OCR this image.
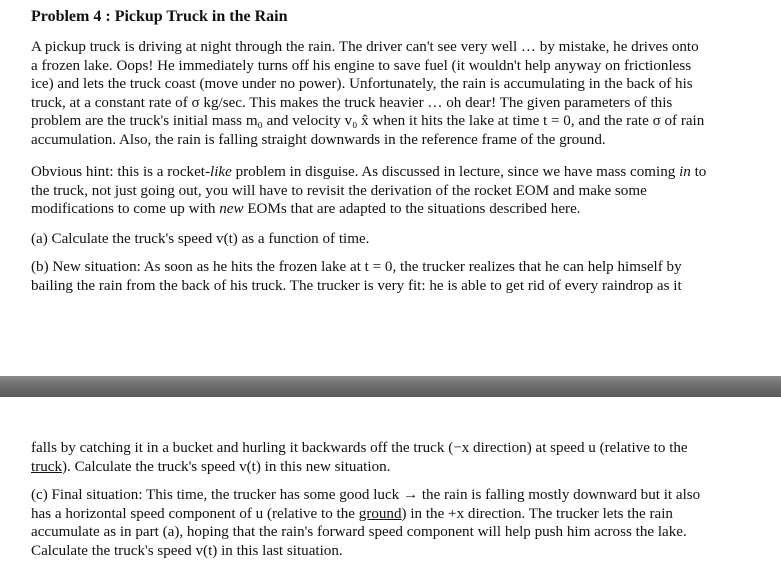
Problem 4 : Pickup Truck in the Rain
A pickup truck is driving at night through the rain. The driver can't see very well … by mistake, he drives onto
a frozen lake. Oops! He immediately turns off his engine to save fuel (it wouldn't help anyway on frictionless
ice) and lets the truck coast (move under no power). Unfortunately, the rain is accumulating in the back of his
truck, at a constant rate of σ kg/sec. This makes the truck heavier … oh dear! The given parameters of this
problem are the truck's initial mass m₀ and velocity v₀ x̂ when it hits the lake at time t = 0, and the rate σ of rain
accumulation. Also, the rain is falling straight downwards in the reference frame of the ground.
Obvious hint: this is a rocket-like problem in disguise. As discussed in lecture, since we have mass coming in to
the truck, not just going out, you will have to revisit the derivation of the rocket EOM and make some
modifications to come up with new EOMs that are adapted to the situations described here.
(a) Calculate the truck's speed v(t) as a function of time.
(b) New situation: As soon as he hits the frozen lake at t = 0, the trucker realizes that he can help himself by
bailing the rain from the back of his truck. The trucker is very fit: he is able to get rid of every raindrop as it
falls by catching it in a bucket and hurling it backwards off the truck (−x direction) at speed u (relative to the
truck). Calculate the truck's speed v(t) in this new situation.
(c) Final situation: This time, the trucker has some good luck → the rain is falling mostly downward but it also
has a horizontal speed component of u (relative to the ground) in the +x direction. The trucker lets the rain
accumulate as in part (a), hoping that the rain's forward speed component will help push him across the lake.
Calculate the truck's speed v(t) in this last situation.
